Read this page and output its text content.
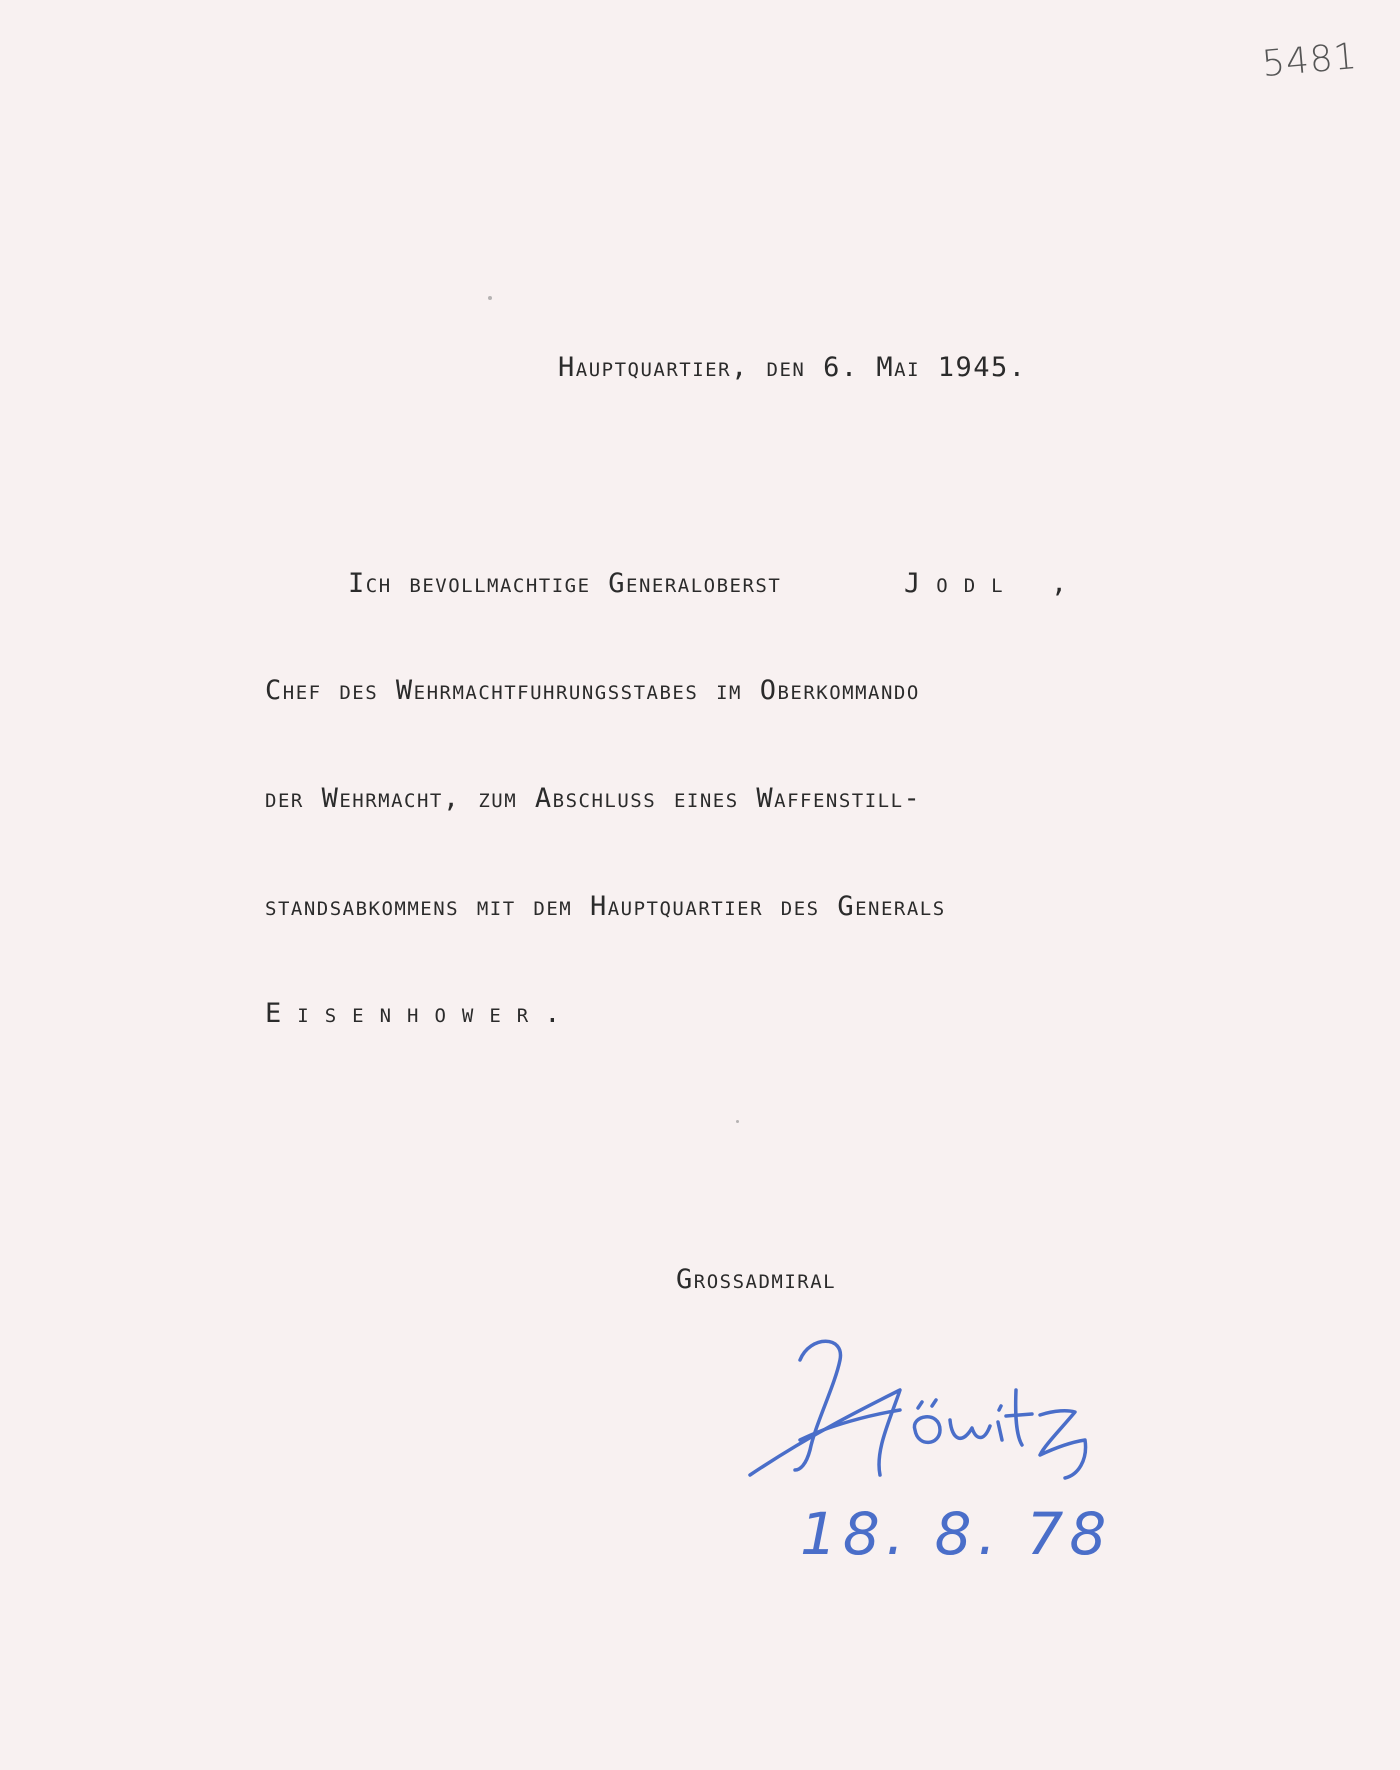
5481
Hauptquartier, den 6. Mai 1945.
Ich bevollmachtige Generaloberst	Jodl ,
Chef des Wehrmachtfuhrungsstabes im Oberkommando
der Wehrmacht, zum Abschluss eines Waffenstill-
standsabkommens mit dem Hauptquartier des Generals
Eisenhower.
Grossadmiral
18. 8. 78
